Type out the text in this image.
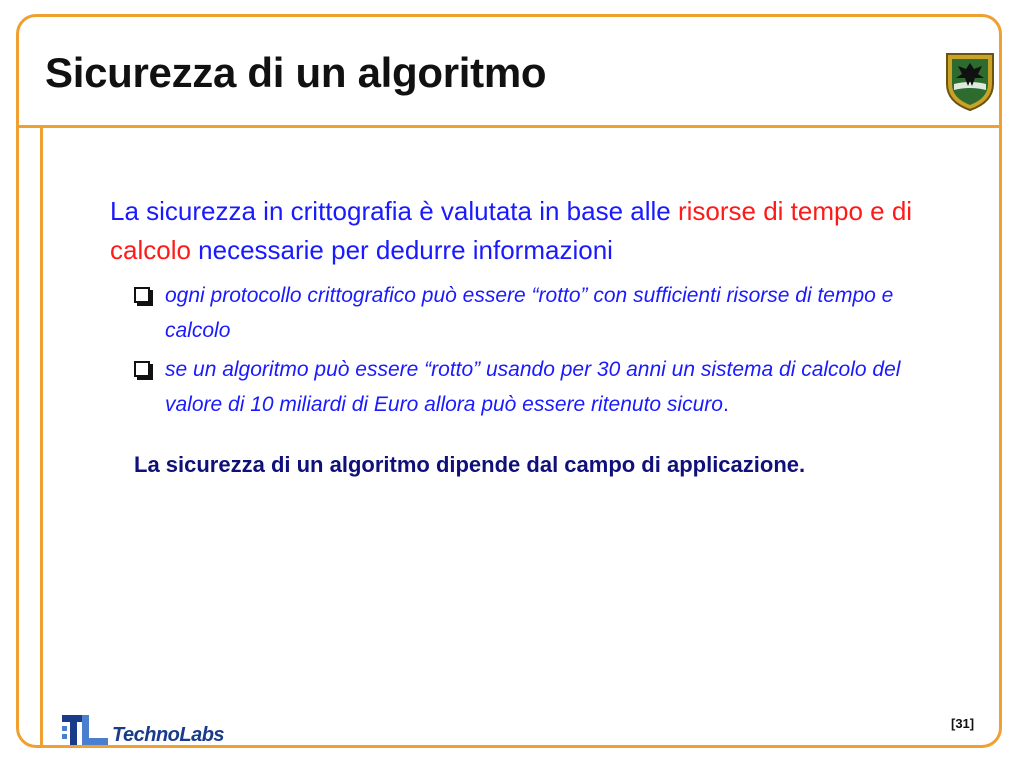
Sicurezza di un algoritmo

La sicurezza in crittografia è valutata in base alle risorse di tempo e di calcolo necessarie per dedurre informazioni

ogni protocollo crittografico può essere “rotto” con sufficienti risorse di tempo e calcolo
se un algoritmo può essere “rotto” usando per 30 anni un sistema di calcolo del valore di 10 miliardi di Euro allora può essere ritenuto sicuro.

La sicurezza di un algoritmo dipende dal campo di applicazione.

TechnoLabs
[31]
